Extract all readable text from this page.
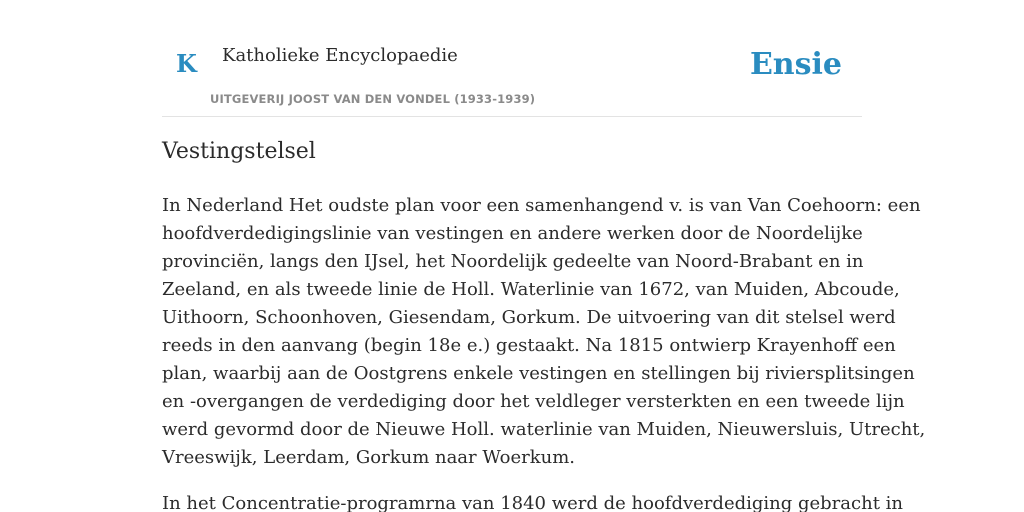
K Katholieke Encyclopaedie
UITGEVERIJ JOOST VAN DEN VONDEL (1933-1939)
Ensie
Vestingstelsel

In Nederland Het oudste plan voor een samenhangend v. is van Van Coehoorn: een
hoofdverdedigingslinie van vestingen en andere werken door de Noordelijke
provinciën, langs den IJsel, het Noordelijk gedeelte van Noord-Brabant en in
Zeeland, en als tweede linie de Holl. Waterlinie van 1672, van Muiden, Abcoude,
Uithoorn, Schoonhoven, Giesendam, Gorkum. De uitvoering van dit stelsel werd
reeds in den aanvang (begin 18e e.) gestaakt. Na 1815 ontwierp Krayenhoff een
plan, waarbij aan de Oostgrens enkele vestingen en stellingen bij riviersplitsingen
en -overgangen de verdediging door het veldleger versterkten en een tweede lijn
werd gevormd door de Nieuwe Holl. waterlinie van Muiden, Nieuwersluis, Utrecht,
Vreeswijk, Leerdam, Gorkum naar Woerkum.

In het Concentratie-programrna van 1840 werd de hoofdverdediging gebracht in
